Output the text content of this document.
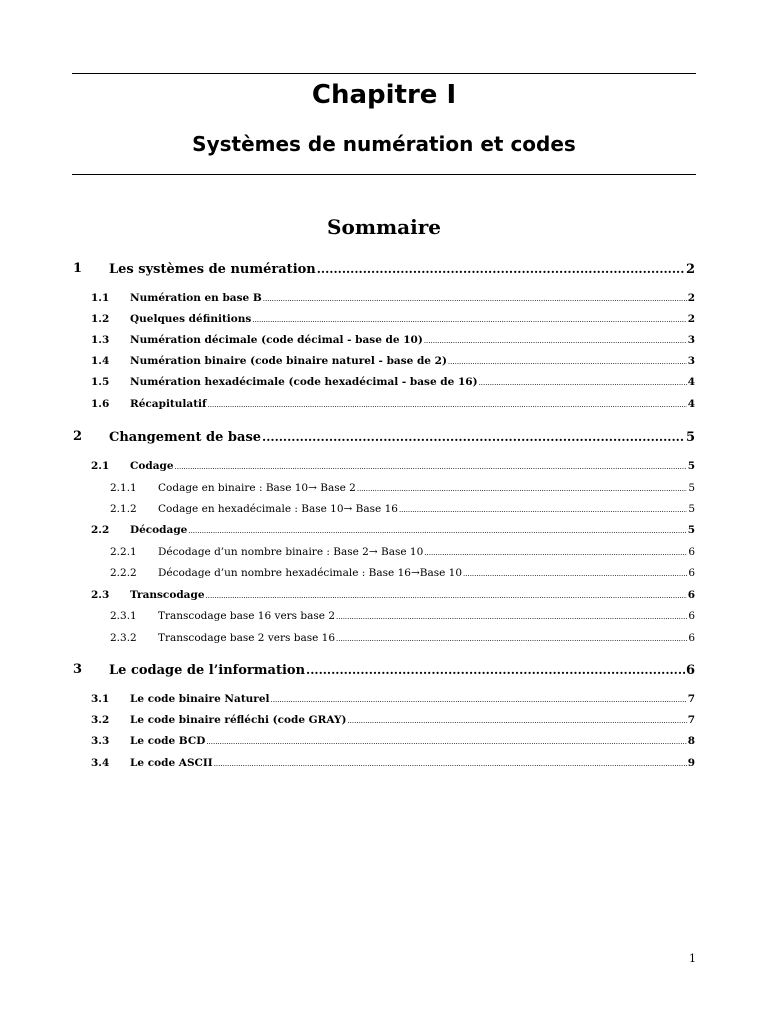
Chapitre I
Systèmes de numération et codes
Sommaire
1 Les systèmes de numération .....	2
1.1 Numération en base B .....	2
1.2 Quelques définitions .....	2
1.3 Numération décimale (code décimal - base de 10) .....	3
1.4 Numération binaire (code binaire naturel - base de 2) .....	3
1.5 Numération hexadécimale (code hexadécimal - base de 16) .....	4
1.6 Récapitulatif .....	4
2 Changement de base .....	5
2.1 Codage .....	5
2.1.1 Codage en binaire : Base 10→ Base 2 .....	5
2.1.2 Codage en hexadécimale : Base 10→ Base 16 .....	5
2.2 Décodage .....	5
2.2.1 Décodage d’un nombre binaire : Base 2→ Base 10 .....	6
2.2.2 Décodage d’un nombre hexadécimale : Base 16→Base 10 .....	6
2.3 Transcodage .....	6
2.3.1 Transcodage base 16 vers base 2 .....	6
2.3.2 Transcodage base 2 vers base 16 .....	6
3 Le codage de l’information .....	6
3.1 Le code binaire Naturel .....	7
3.2 Le code binaire réfléchi (code GRAY) .....	7
3.3 Le code BCD .....	8
3.4 Le code ASCII .....	9
1
